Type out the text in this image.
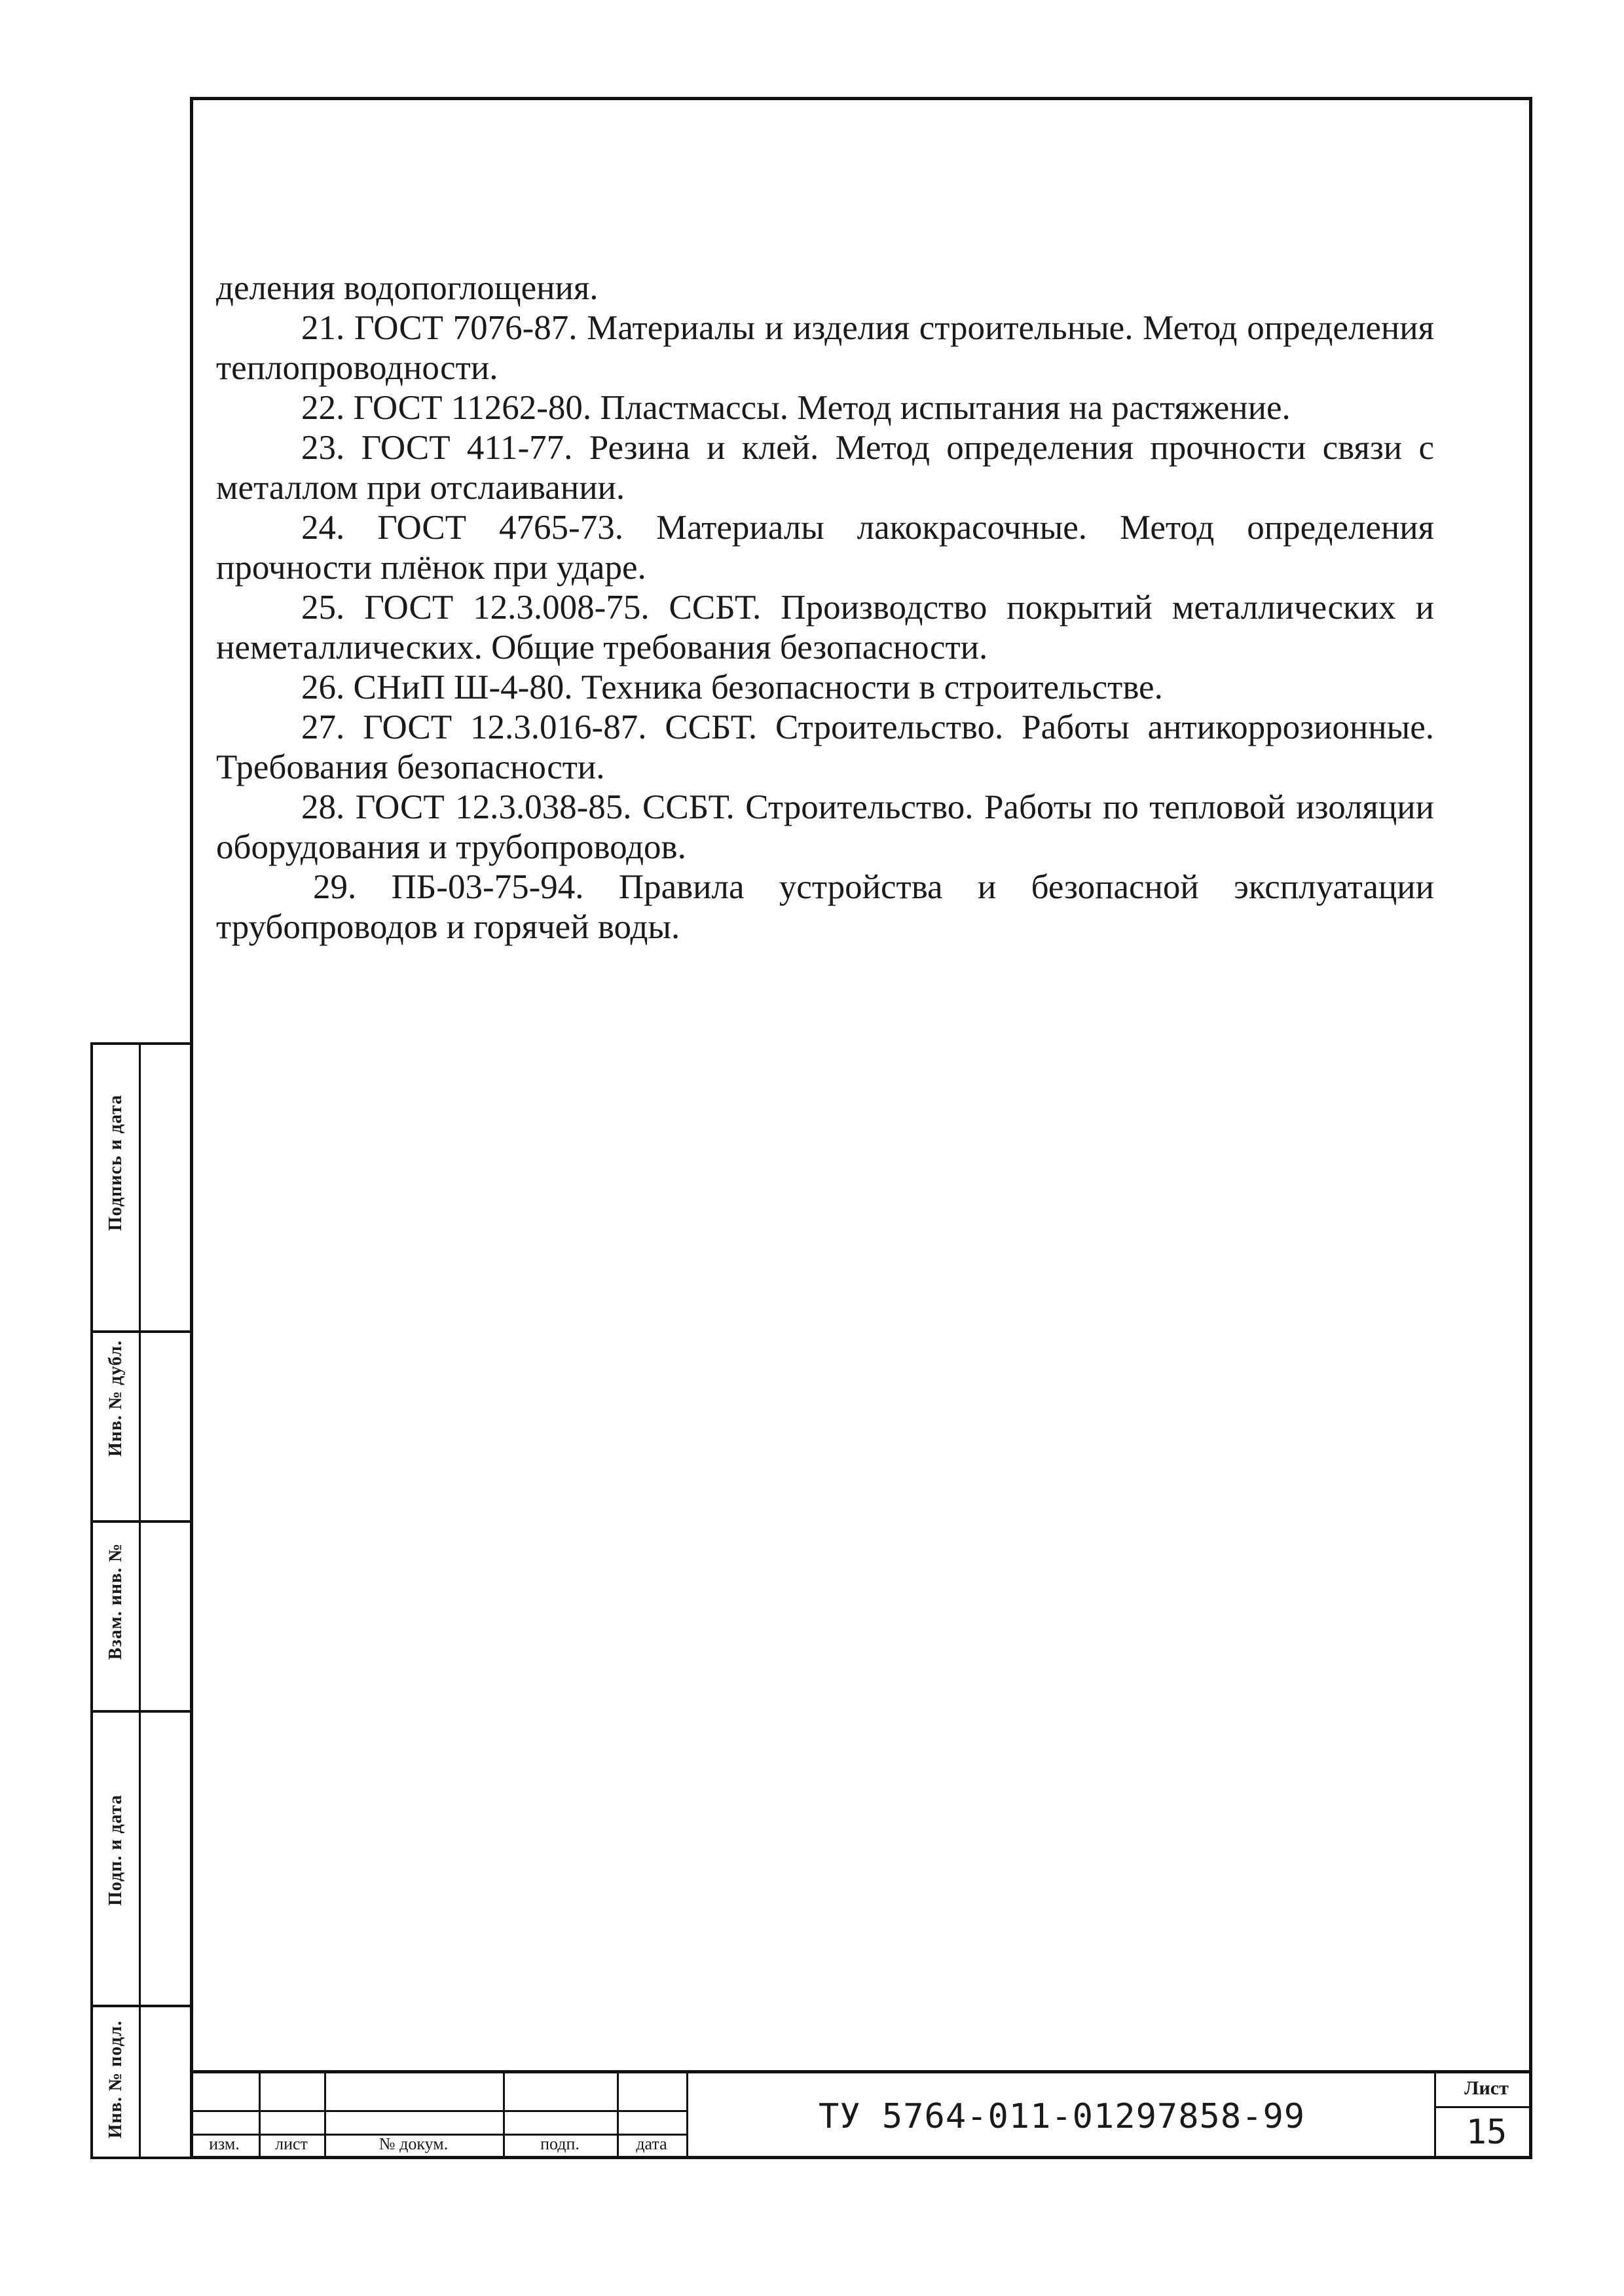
деления водопоглощения.

21. ГОСТ 7076-87. Материалы и изделия строительные. Метод определения теплопроводности.

22. ГОСТ 11262-80. Пластмассы. Метод испытания на растяжение.

23. ГОСТ 411-77. Резина и клей. Метод определения прочности связи с металлом при отслаивании.

24. ГОСТ 4765-73. Материалы лакокрасочные. Метод определения прочности плёнок при ударе.

25. ГОСТ 12.3.008-75. ССБТ. Производство покрытий металлических и неметаллических. Общие требования безопасности.

26. СНиП Ш-4-80. Техника безопасности в строительстве.

27. ГОСТ 12.3.016-87. ССБТ. Строительство. Работы антикоррозионные. Требования безопасности.

28. ГОСТ 12.3.038-85. ССБТ. Строительство. Работы по тепловой изоляции оборудования и трубопроводов.

29. ПБ-03-75-94. Правила устройства и безопасной эксплуатации трубопроводов и горячей воды.

Подпись и дата
Инв. № дубл.
Взам. инв. №
Подп. и дата
Инв. № подл.
изм.	лист	№ докум.	подп.	дата
ТУ 5764-011-01297858-99
Лист
15
